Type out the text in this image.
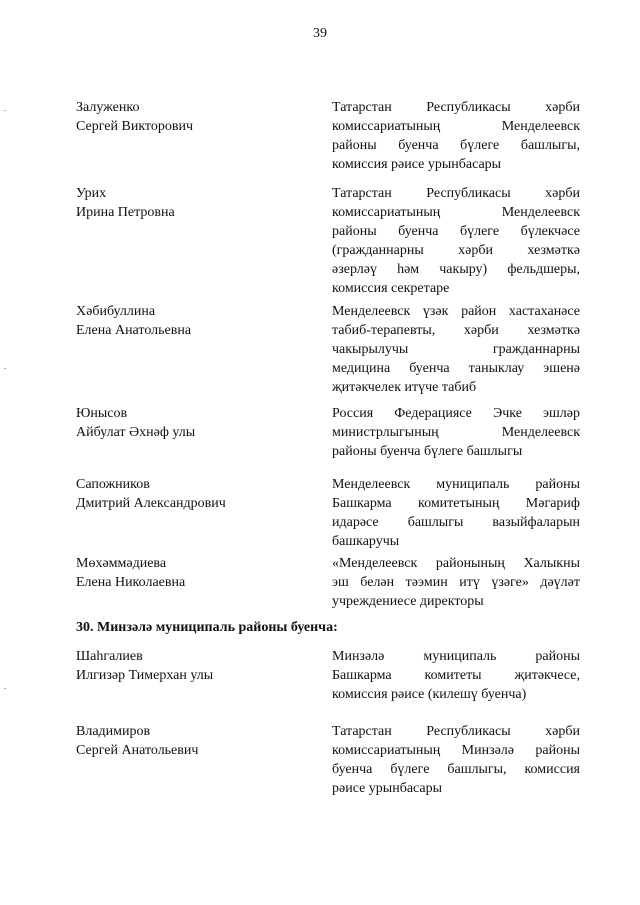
39
Залуженко
Сергей Викторович
Татарстан Республикасы хәрби
комиссариатының Менделеевск
районы буенча бүлеге башлыгы,
комиссия рәисе урынбасары
Урих
Ирина Петровна
Татарстан Республикасы хәрби
комиссариатының Менделеевск
районы буенча бүлеге бүлекчәсе
(гражданнарны хәрби хезмәткә
әзерләү һәм чакыру) фельдшеры,
комиссия секретаре
Хәбибуллина
Елена Анатольевна
Менделеевск үзәк район хастаханәсе
табиб-терапевты, хәрби хезмәткә
чакырылучы гражданнарны
медицина буенча таныклау эшенә
җитәкчелек итүче табиб
Юнысов
Айбулат Әхнәф улы
Россия Федерациясе Эчке эшләр
министрлыгының Менделеевск
районы буенча бүлеге башлыгы
Сапожников
Дмитрий Александрович
Менделеевск муниципаль районы
Башкарма комитетының Мәгариф
идарәсе башлыгы вазыйфаларын
башкаручы
Мөхәммәдиева
Елена Николаевна
«Менделеевск районының Халыкны
эш белән тәэмин итү үзәге» дәүләт
учреждениесе директоры
Шаһгалиев
Илгизәр Тимерхан улы
Минзәлә муниципаль районы
Башкарма комитеты җитәкчесе,
комиссия рәисе (килешү буенча)
Владимиров
Сергей Анатольевич
Татарстан Республикасы хәрби
комиссариатының Минзәлә районы
буенча бүлеге башлыгы, комиссия
рәисе урынбасары
30. Минзәлә муниципаль районы буенча:
